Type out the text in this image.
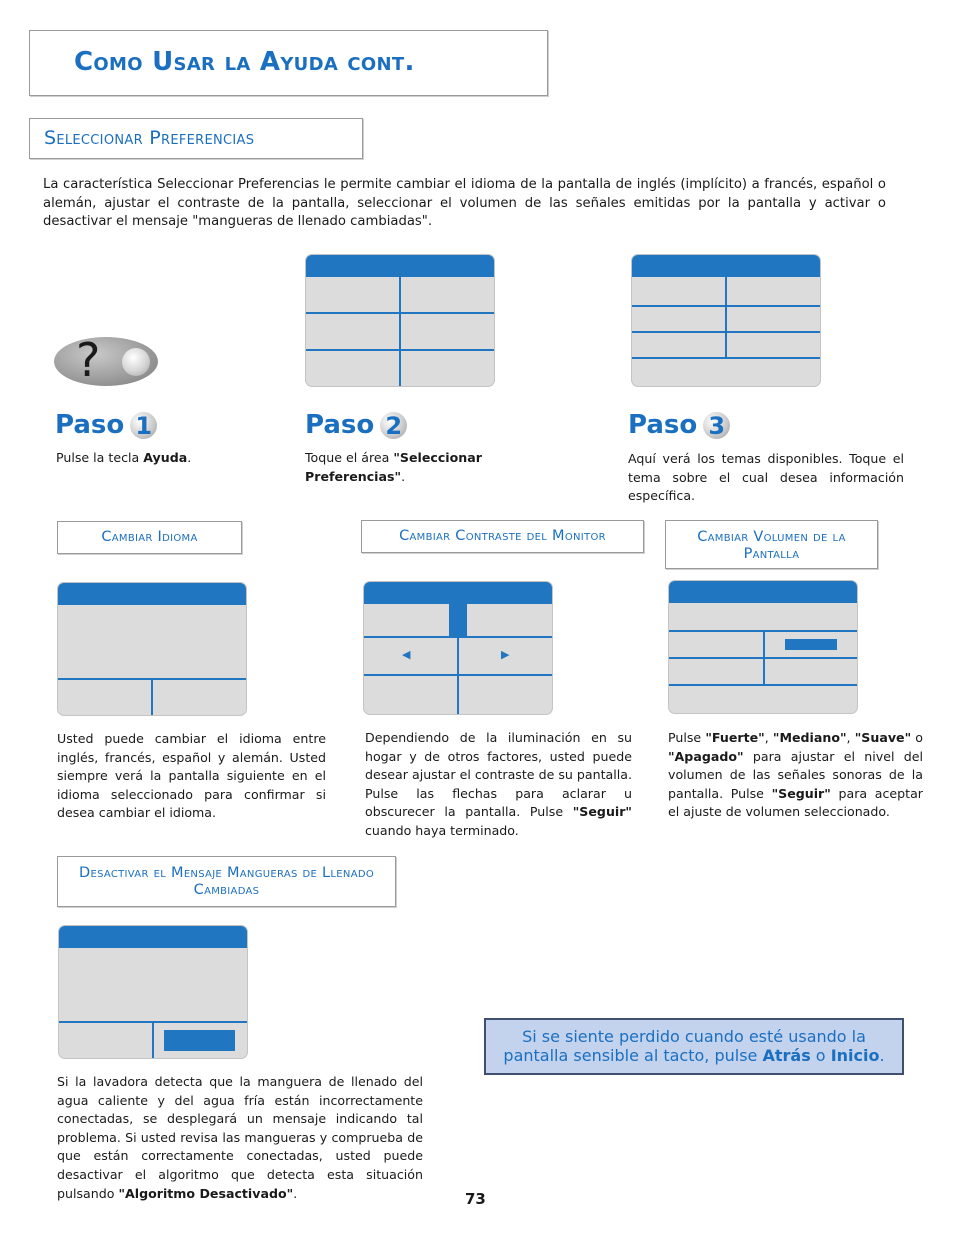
Como Usar la Ayuda cont.
Seleccionar Preferencias
La característica Seleccionar Preferencias le permite cambiar el idioma de la pantalla de inglés (implícito) a francés, español o alemán, ajustar el contraste de la pantalla, seleccionar el volumen de las señales emitidas por la pantalla y activar o desactivar el mensaje "mangueras de llenado cambiadas".
?
Paso 1	Paso 2	Paso 3
Pulse la tecla Ayuda.	Toque el área "Seleccionar Preferencias".
Aquí verá los temas disponibles. Toque el tema sobre el cual desea información específica.
Cambiar Idioma	Cambiar Contraste del Monitor	Cambiar Volumen de la Pantalla
◀	▶
Usted puede cambiar el idioma entre inglés, francés, español y alemán. Usted siempre verá la pantalla siguiente en el idioma seleccionado para confirmar si desea cambiar el idioma.
Dependiendo de la iluminación en su hogar y de otros factores, usted puede desear ajustar el contraste de su pantalla. Pulse las flechas para aclarar u obscurecer la pantalla. Pulse "Seguir" cuando haya terminado.
Pulse "Fuerte", "Mediano", "Suave" o "Apagado" para ajustar el nivel del volumen de las señales sonoras de la pantalla. Pulse "Seguir" para aceptar el ajuste de volumen seleccionado.
Desactivar el Mensaje Mangueras de Llenado Cambiadas
Si la lavadora detecta que la manguera de llenado del agua caliente y del agua fría están incorrectamente conectadas, se desplegará un mensaje indicando tal problema. Si usted revisa las mangueras y comprueba de que están correctamente conectadas, usted puede desactivar el algoritmo que detecta esta situación pulsando "Algoritmo Desactivado".
Si se siente perdido cuando esté usando la
pantalla sensible al tacto, pulse Atrás o Inicio.
73
